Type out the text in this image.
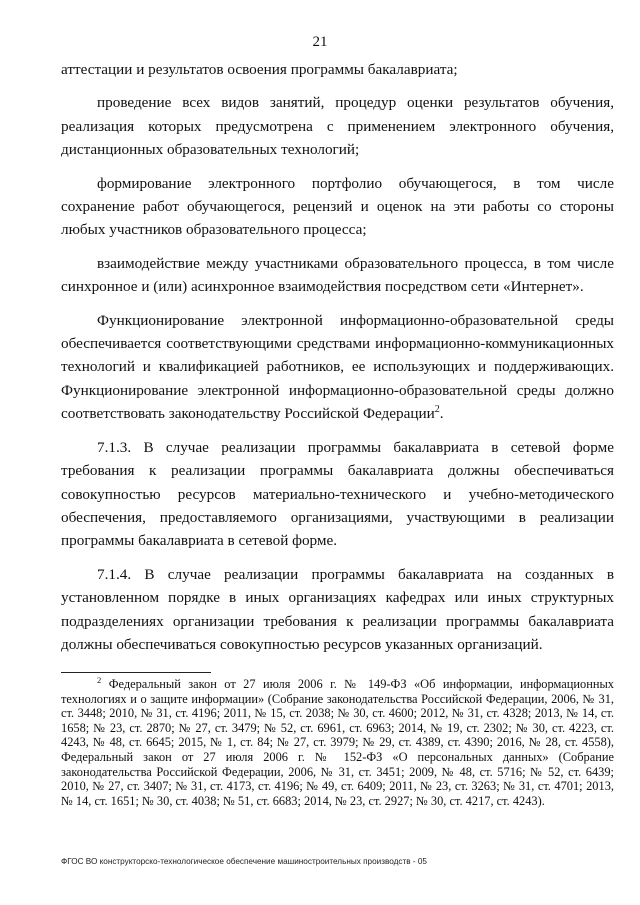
21

аттестации и результатов освоения программы бакалавриата;

проведение всех видов занятий, процедур оценки результатов обучения, реализация которых предусмотрена с применением электронного обучения, дистанционных образовательных технологий;

формирование электронного портфолио обучающегося, в том числе сохранение работ обучающегося, рецензий и оценок на эти работы со стороны любых участников образовательного процесса;

взаимодействие между участниками образовательного процесса, в том числе синхронное и (или) асинхронное взаимодействия посредством сети «Интернет».

Функционирование электронной информационно-образовательной среды обеспечивается соответствующими средствами информационно-коммуникационных технологий и квалификацией работников, ее использующих и поддерживающих. Функционирование электронной информационно-образовательной среды должно соответствовать законодательству Российской Федерации$^2$.

7.1.3. В случае реализации программы бакалавриата в сетевой форме требования к реализации программы бакалавриата должны обеспечиваться совокупностью ресурсов материально-технического и учебно-методического обеспечения, предоставляемого организациями, участвующими в реализации программы бакалавриата в сетевой форме.

7.1.4. В случае реализации программы бакалавриата на созданных в установленном порядке в иных организациях кафедрах или иных структурных подразделениях организации требования к реализации программы бакалавриата должны обеспечиваться совокупностью ресурсов указанных организаций.

$^2$ Федеральный закон от 27 июля 2006 г. № 149-ФЗ «Об информации, информационных технологиях и о защите информации» (Собрание законодательства Российской Федерации, 2006, № 31, ст. 3448; 2010, № 31, ст. 4196; 2011, № 15, ст. 2038; № 30, ст. 4600; 2012, № 31, ст. 4328; 2013, № 14, ст. 1658; № 23, ст. 2870; № 27, ст. 3479; № 52, ст. 6961, ст. 6963; 2014, № 19, ст. 2302; № 30, ст. 4223, ст. 4243, № 48, ст. 6645; 2015, № 1, ст. 84; № 27, ст. 3979; № 29, ст. 4389, ст. 4390; 2016, № 28, ст. 4558), Федеральный закон от 27 июля 2006 г. № 152-ФЗ «О персональных данных» (Собрание законодательства Российской Федерации, 2006, № 31, ст. 3451; 2009, № 48, ст. 5716; № 52, ст. 6439; 2010, № 27, ст. 3407; № 31, ст. 4173, ст. 4196; № 49, ст. 6409; 2011, № 23, ст. 3263; № 31, ст. 4701; 2013, № 14, ст. 1651; № 30, ст. 4038; № 51, ст. 6683; 2014, № 23, ст. 2927; № 30, ст. 4217, ст. 4243).
ФГОС ВО конструкторско-технологическое обеспечение машиностроительных производств - 05
